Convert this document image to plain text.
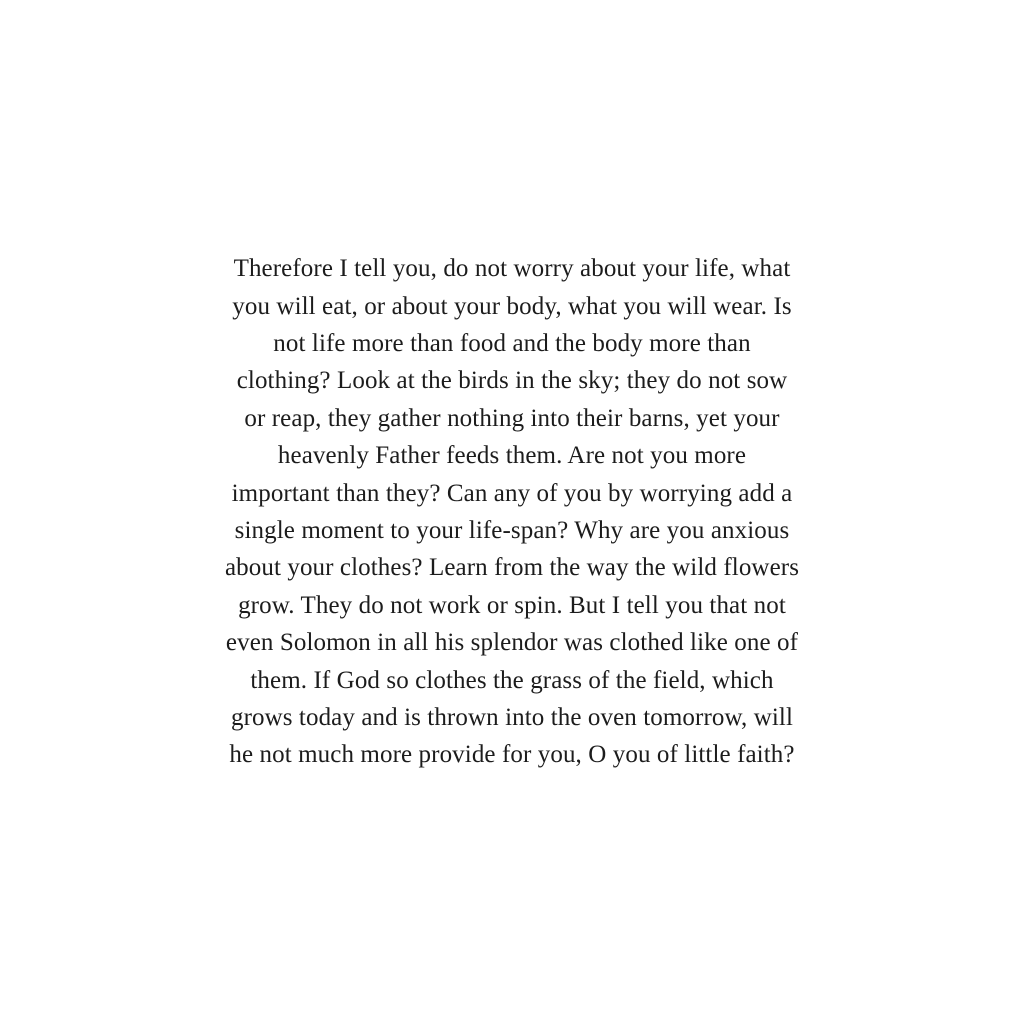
Therefore I tell you, do not worry about your life, what
you will eat, or about your body, what you will wear. Is
not life more than food and the body more than
clothing? Look at the birds in the sky; they do not sow
or reap, they gather nothing into their barns, yet your
heavenly Father feeds them. Are not you more
important than they? Can any of you by worrying add a
single moment to your life-span? Why are you anxious
about your clothes? Learn from the way the wild flowers
grow. They do not work or spin. But I tell you that not
even Solomon in all his splendor was clothed like one of
them. If God so clothes the grass of the field, which
grows today and is thrown into the oven tomorrow, will
he not much more provide for you, O you of little faith?
